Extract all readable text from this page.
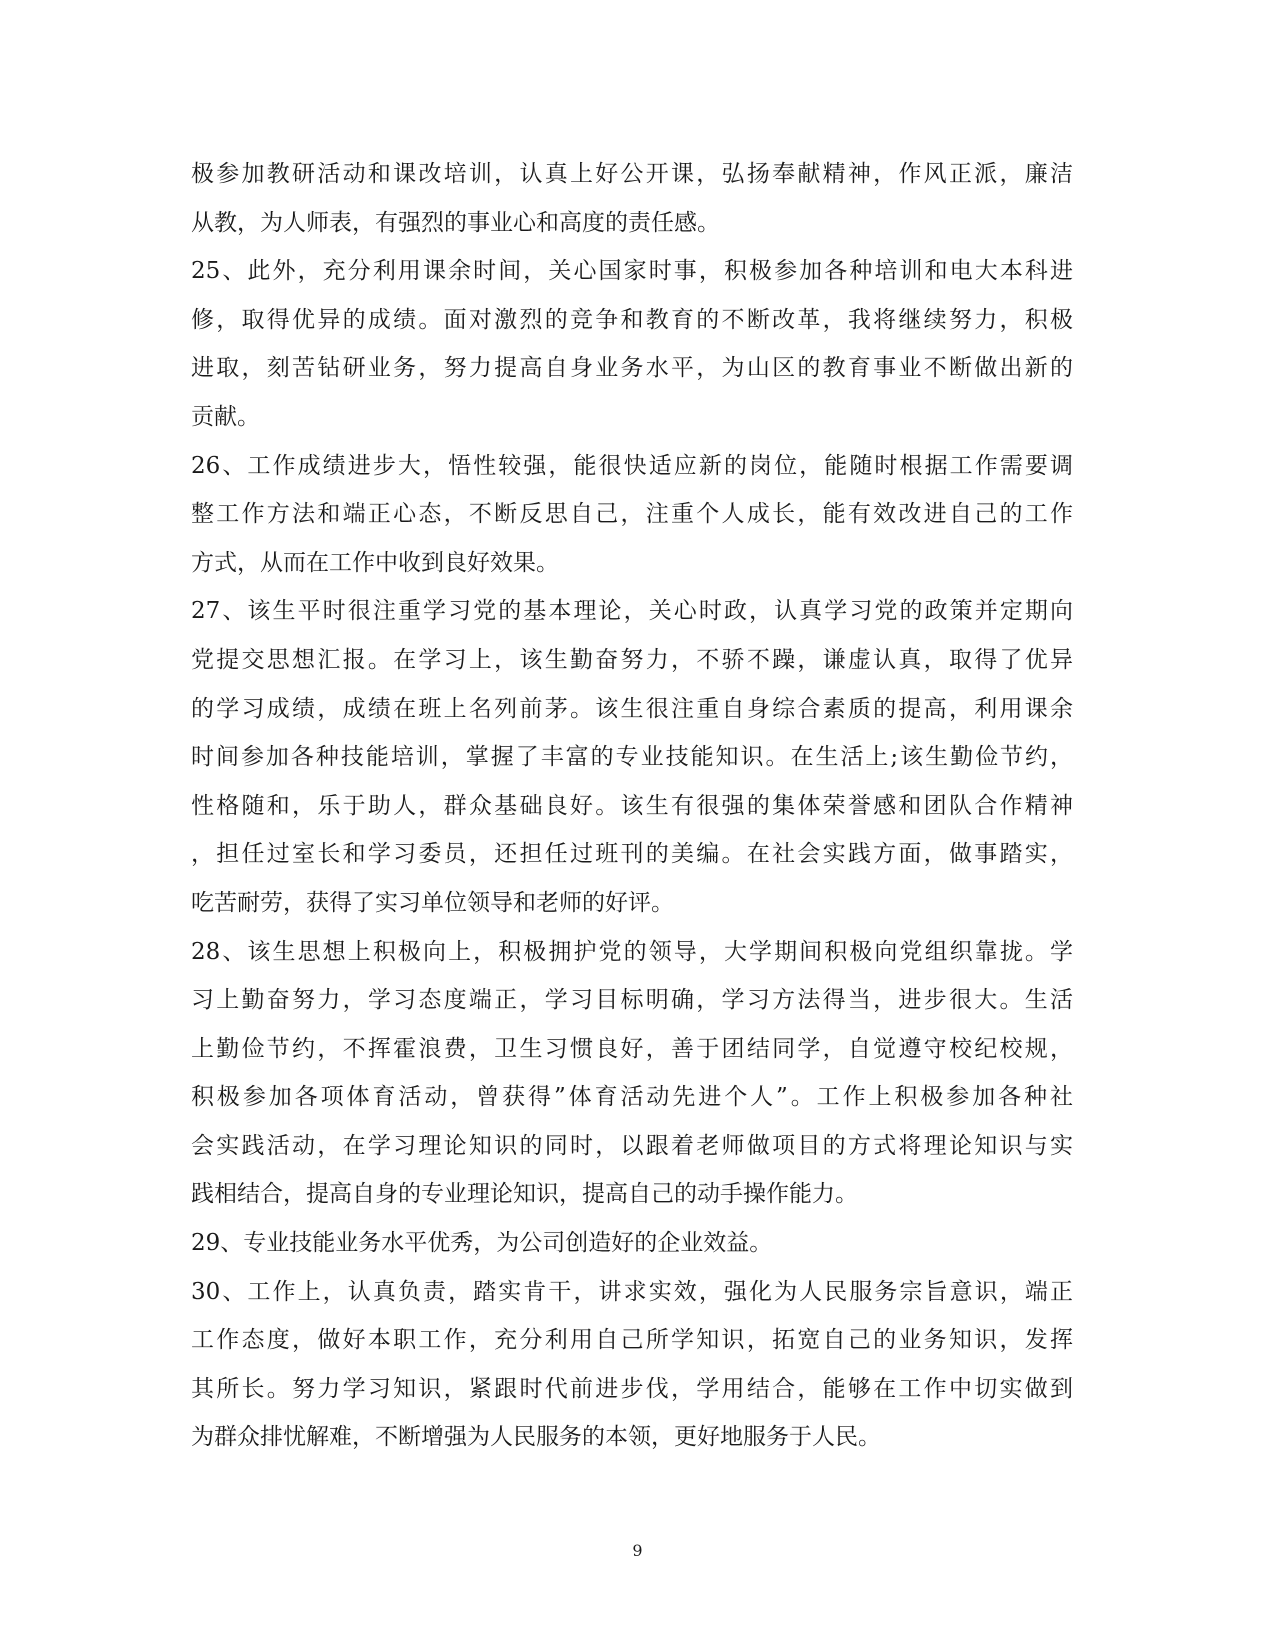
极参加教研活动和课改培训，认真上好公开课，弘扬奉献精神，作风正派，廉洁
从教，为人师表，有强烈的事业心和高度的责任感。
25、此外，充分利用课余时间，关心国家时事，积极参加各种培训和电大本科进
修，取得优异的成绩。面对激烈的竞争和教育的不断改革，我将继续努力，积极
进取，刻苦钻研业务，努力提高自身业务水平，为山区的教育事业不断做出新的
贡献。
26、工作成绩进步大，悟性较强，能很快适应新的岗位，能随时根据工作需要调
整工作方法和端正心态，不断反思自己，注重个人成长，能有效改进自己的工作
方式，从而在工作中收到良好效果。
27、该生平时很注重学习党的基本理论，关心时政，认真学习党的政策并定期向
党提交思想汇报。在学习上，该生勤奋努力，不骄不躁，谦虚认真，取得了优异
的学习成绩，成绩在班上名列前茅。该生很注重自身综合素质的提高，利用课余
时间参加各种技能培训，掌握了丰富的专业技能知识。在生活上;该生勤俭节约，
性格随和，乐于助人，群众基础良好。该生有很强的集体荣誉感和团队合作精神
，担任过室长和学习委员，还担任过班刊的美编。在社会实践方面，做事踏实，
吃苦耐劳，获得了实习单位领导和老师的好评。
28、该生思想上积极向上，积极拥护党的领导，大学期间积极向党组织靠拢。学
习上勤奋努力，学习态度端正，学习目标明确，学习方法得当，进步很大。生活
上勤俭节约，不挥霍浪费，卫生习惯良好，善于团结同学，自觉遵守校纪校规，
积极参加各项体育活动，曾获得”体育活动先进个人”。工作上积极参加各种社
会实践活动，在学习理论知识的同时，以跟着老师做项目的方式将理论知识与实
践相结合，提高自身的专业理论知识，提高自己的动手操作能力。
29、专业技能业务水平优秀，为公司创造好的企业效益。
30、工作上，认真负责，踏实肯干，讲求实效，强化为人民服务宗旨意识，端正
工作态度，做好本职工作，充分利用自己所学知识，拓宽自己的业务知识，发挥
其所长。努力学习知识，紧跟时代前进步伐，学用结合，能够在工作中切实做到
为群众排忧解难，不断增强为人民服务的本领，更好地服务于人民。
9
